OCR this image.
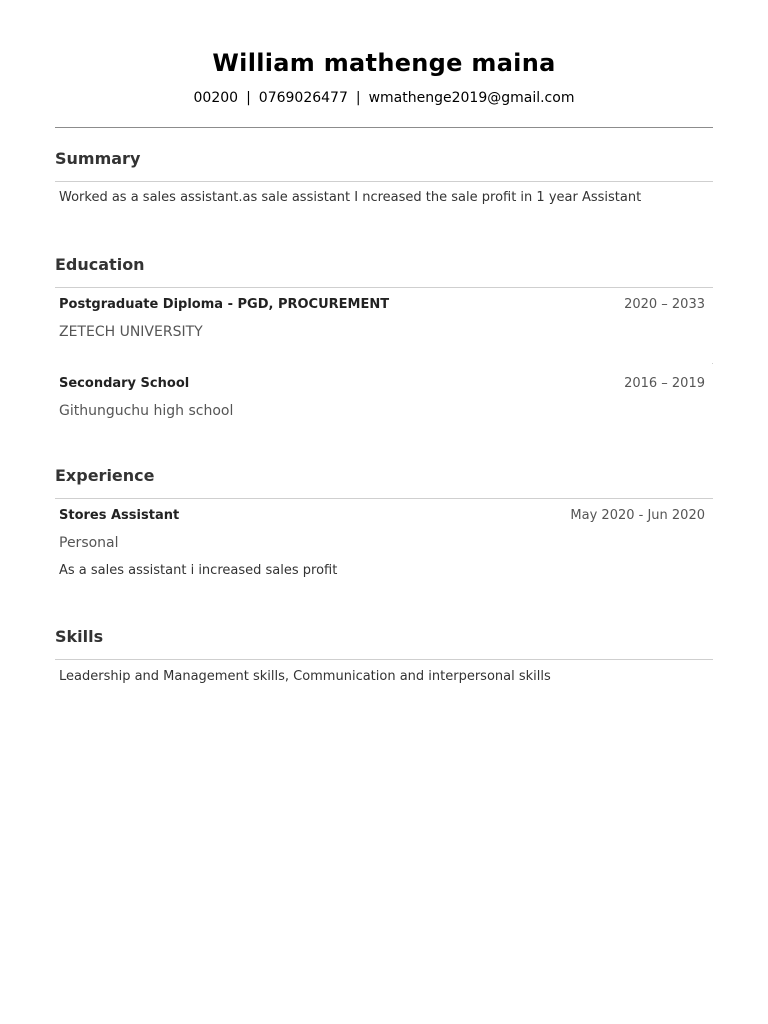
William mathenge maina
00200 | 0769026477 | wmathenge2019@gmail.com
Summary
Worked as a sales assistant.as sale assistant I ncreased the sale profit in 1 year Assistant
Education
Postgraduate Diploma - PGD, PROCUREMENT	2020 – 2033
ZETECH UNIVERSITY
Secondary School	2016 – 2019
Githunguchu high school
Experience
Stores Assistant	May 2020 - Jun 2020
Personal
As a sales assistant i increased sales profit
Skills
Leadership and Management skills, Communication and interpersonal skills
